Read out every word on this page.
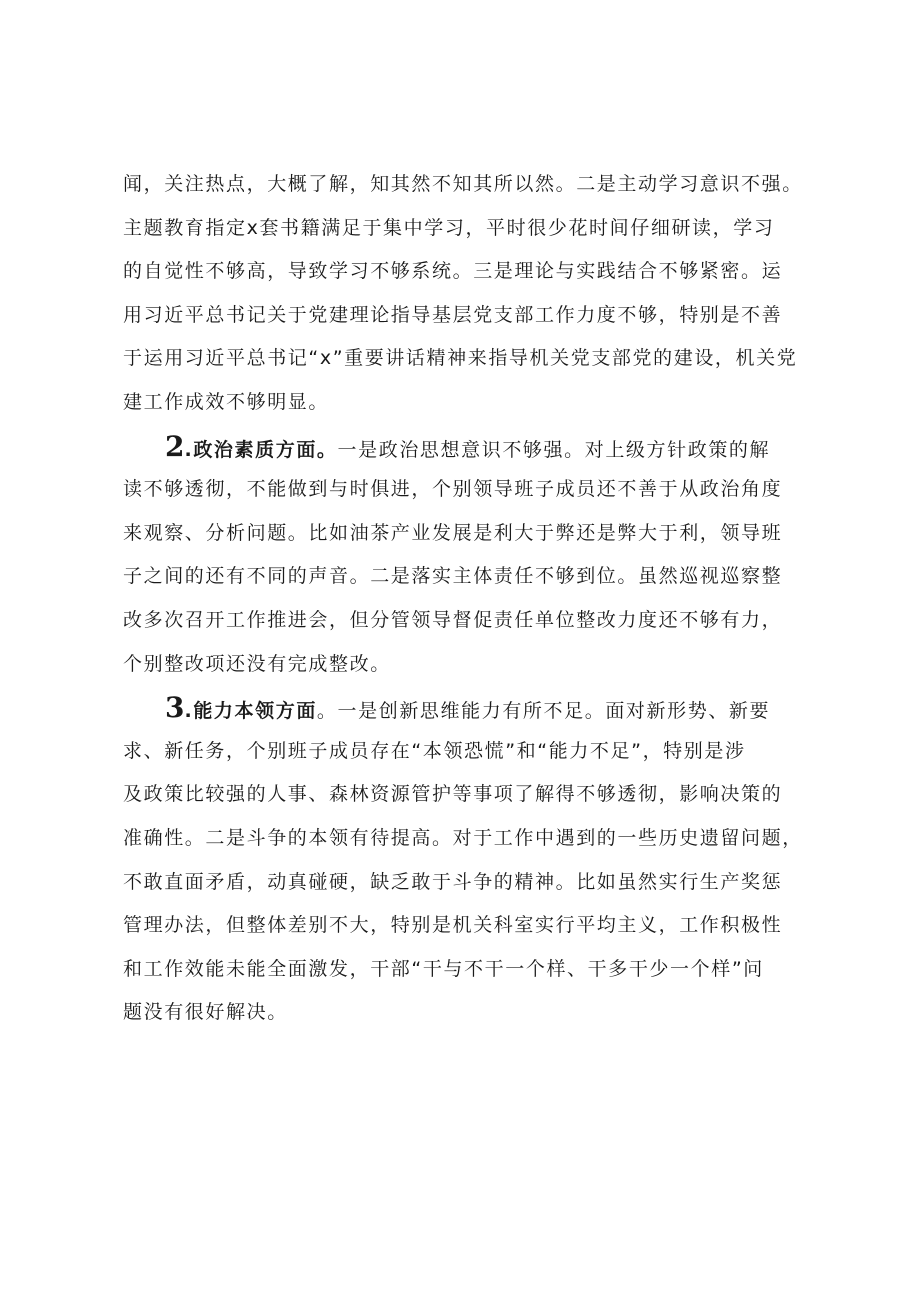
闻，关注热点，大概了解，知其然不知其所以然。二是主动学习意识不强。
主题教育指定x套书籍满足于集中学习，平时很少花时间仔细研读，学习
的自觉性不够高，导致学习不够系统。三是理论与实践结合不够紧密。运
用习近平总书记关于党建理论指导基层党支部工作力度不够，特别是不善
于运用习近平总书记“x”重要讲话精神来指导机关党支部党的建设，机关党
建工作成效不够明显。
2.政治素质方面。一是政治思想意识不够强。对上级方针政策的解
读不够透彻，不能做到与时俱进，个别领导班子成员还不善于从政治角度
来观察、分析问题。比如油茶产业发展是利大于弊还是弊大于利，领导班
子之间的还有不同的声音。二是落实主体责任不够到位。虽然巡视巡察整
改多次召开工作推进会，但分管领导督促责任单位整改力度还不够有力，
个别整改项还没有完成整改。
3.能力本领方面。一是创新思维能力有所不足。面对新形势、新要
求、新任务，个别班子成员存在“本领恐慌”和“能力不足”，特别是涉
及政策比较强的人事、森林资源管护等事项了解得不够透彻，影响决策的
准确性。二是斗争的本领有待提高。对于工作中遇到的一些历史遗留问题，
不敢直面矛盾，动真碰硬，缺乏敢于斗争的精神。比如虽然实行生产奖惩
管理办法，但整体差别不大，特别是机关科室实行平均主义，工作积极性
和工作效能未能全面激发，干部“干与不干一个样、干多干少一个样”问
题没有很好解决。
